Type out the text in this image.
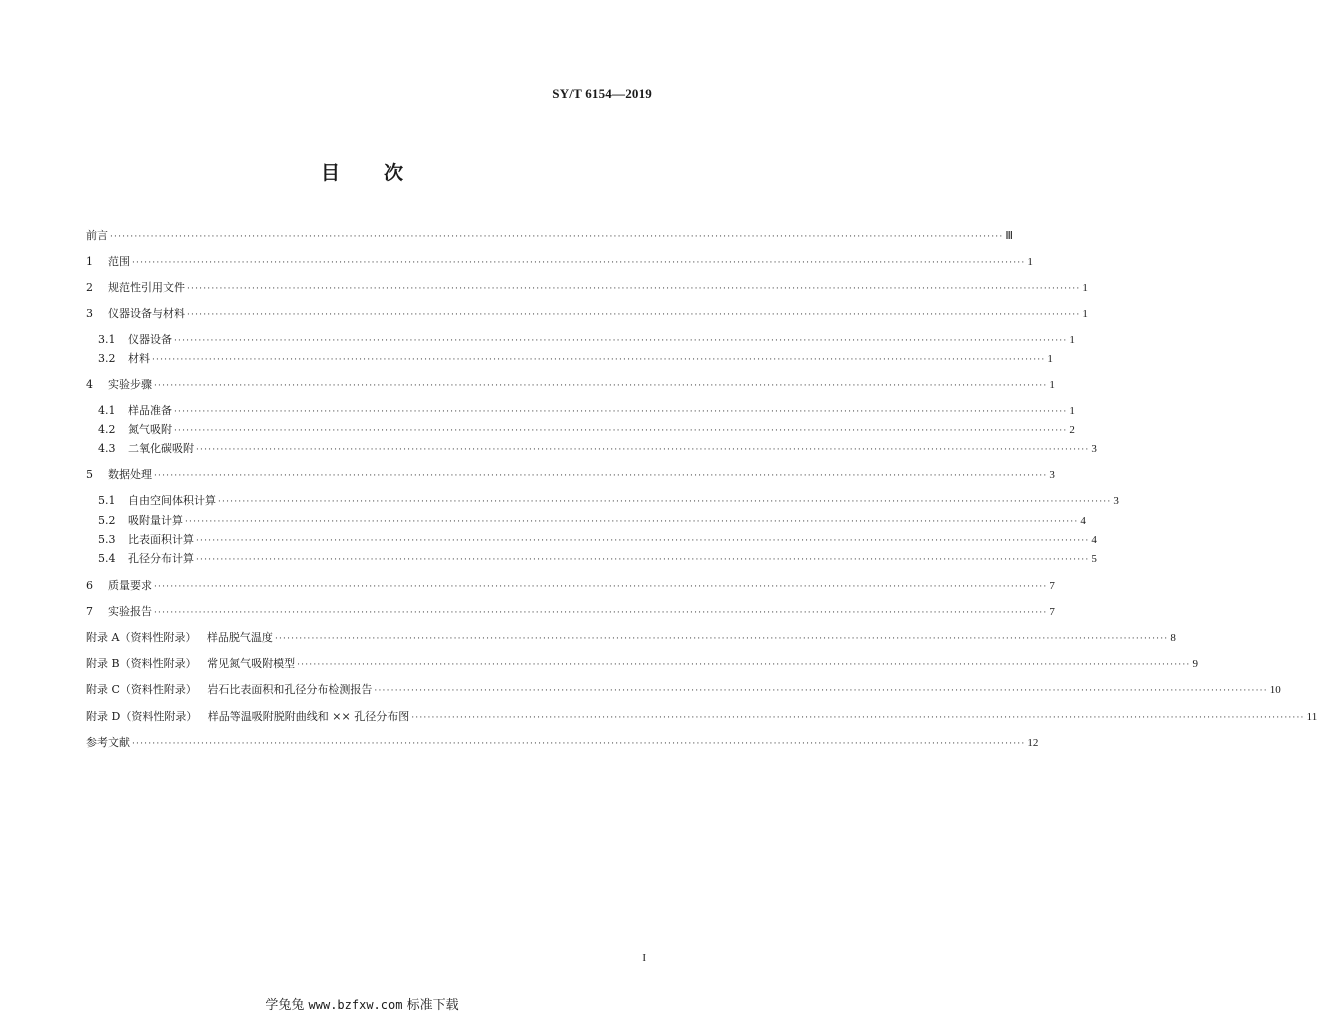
SY/T 6154—2019
目 次
前言 ···························································································································································································································· Ⅲ
1 范围 ···························································································································································································································· 1
2 规范性引用文件 ···························································································································································································································· 1
3 仪器设备与材料 ···························································································································································································································· 1
3.1 仪器设备 ···························································································································································································································· 1
3.2 材料 ···························································································································································································································· 1
4 实验步骤 ···························································································································································································································· 1
4.1 样品准备 ···························································································································································································································· 1
4.2 氮气吸附 ···························································································································································································································· 2
4.3 二氧化碳吸附 ···························································································································································································································· 3
5 数据处理 ···························································································································································································································· 3
5.1 自由空间体积计算 ···························································································································································································································· 3
5.2 吸附量计算 ···························································································································································································································· 4
5.3 比表面积计算 ···························································································································································································································· 4
5.4 孔径分布计算 ···························································································································································································································· 5
6 质量要求 ···························································································································································································································· 7
7 实验报告 ···························································································································································································································· 7
附录 A（资料性附录）   样品脱气温度 ···························································································································································································································· 8
附录 B（资料性附录）   常见氮气吸附模型 ···························································································································································································································· 9
附录 C（资料性附录）   岩石比表面积和孔径分布检测报告 ···························································································································································································································· 10
附录 D（资料性附录）   样品等温吸附脱附曲线和 ×× 孔径分布图 ···························································································································································································································· 11
参考文献 ···························································································································································································································· 12
I
学兔兔 www.bzfxw.com 标准下载
